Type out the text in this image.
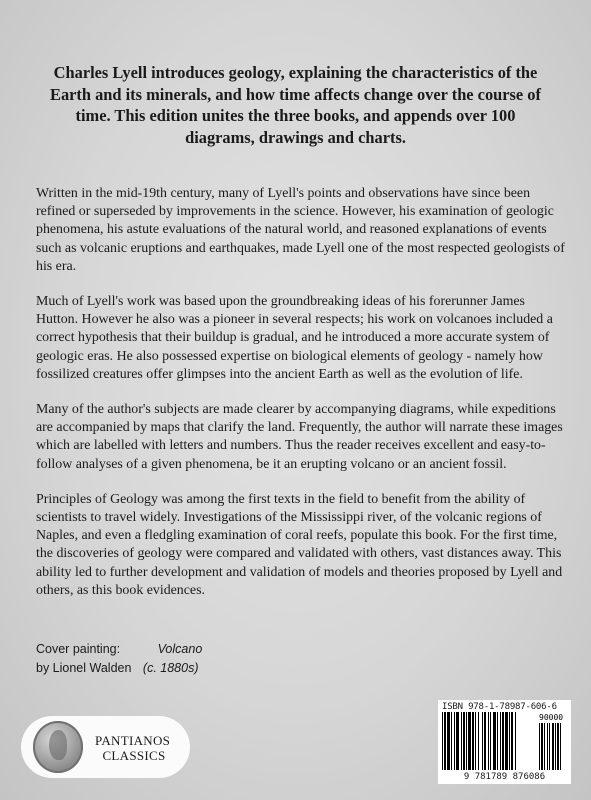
Charles Lyell introduces geology, explaining the characteristics of the Earth and its minerals, and how time affects change over the course of time. This edition unites the three books, and appends over 100 diagrams, drawings and charts.

Written in the mid-19th century, many of Lyell's points and observations have since been refined or superseded by improvements in the science. However, his examination of geologic phenomena, his astute evaluations of the natural world, and reasoned explanations of events such as volcanic eruptions and earthquakes, made Lyell one of the most respected geologists of his era.

Much of Lyell's work was based upon the groundbreaking ideas of his forerunner James Hutton. However he also was a pioneer in several respects; his work on volcanoes included a correct hypothesis that their buildup is gradual, and he introduced a more accurate system of geologic eras. He also possessed expertise on biological elements of geology - namely how fossilized creatures offer glimpses into the ancient Earth as well as the evolution of life.

Many of the author's subjects are made clearer by accompanying diagrams, while expeditions are accompanied by maps that clarify the land. Frequently, the author will narrate these images which are labelled with letters and numbers. Thus the reader receives excellent and easy-to-follow analyses of a given phenomena, be it an erupting volcano or an ancient fossil.

Principles of Geology was among the first texts in the field to benefit from the ability of scientists to travel widely. Investigations of the Mississippi river, of the volcanic regions of Naples, and even a fledgling examination of coral reefs, populate this book. For the first time, the discoveries of geology were compared and validated with others, vast distances away. This ability led to further development and validation of models and theories proposed by Lyell and others, as this book evidences.

Cover painting:	Volcano
by Lionel Walden (c. 1880s)
PANTIANOS
CLASSICS
ISBN 978-1-78987-606-6
90000
9 781789 876086
